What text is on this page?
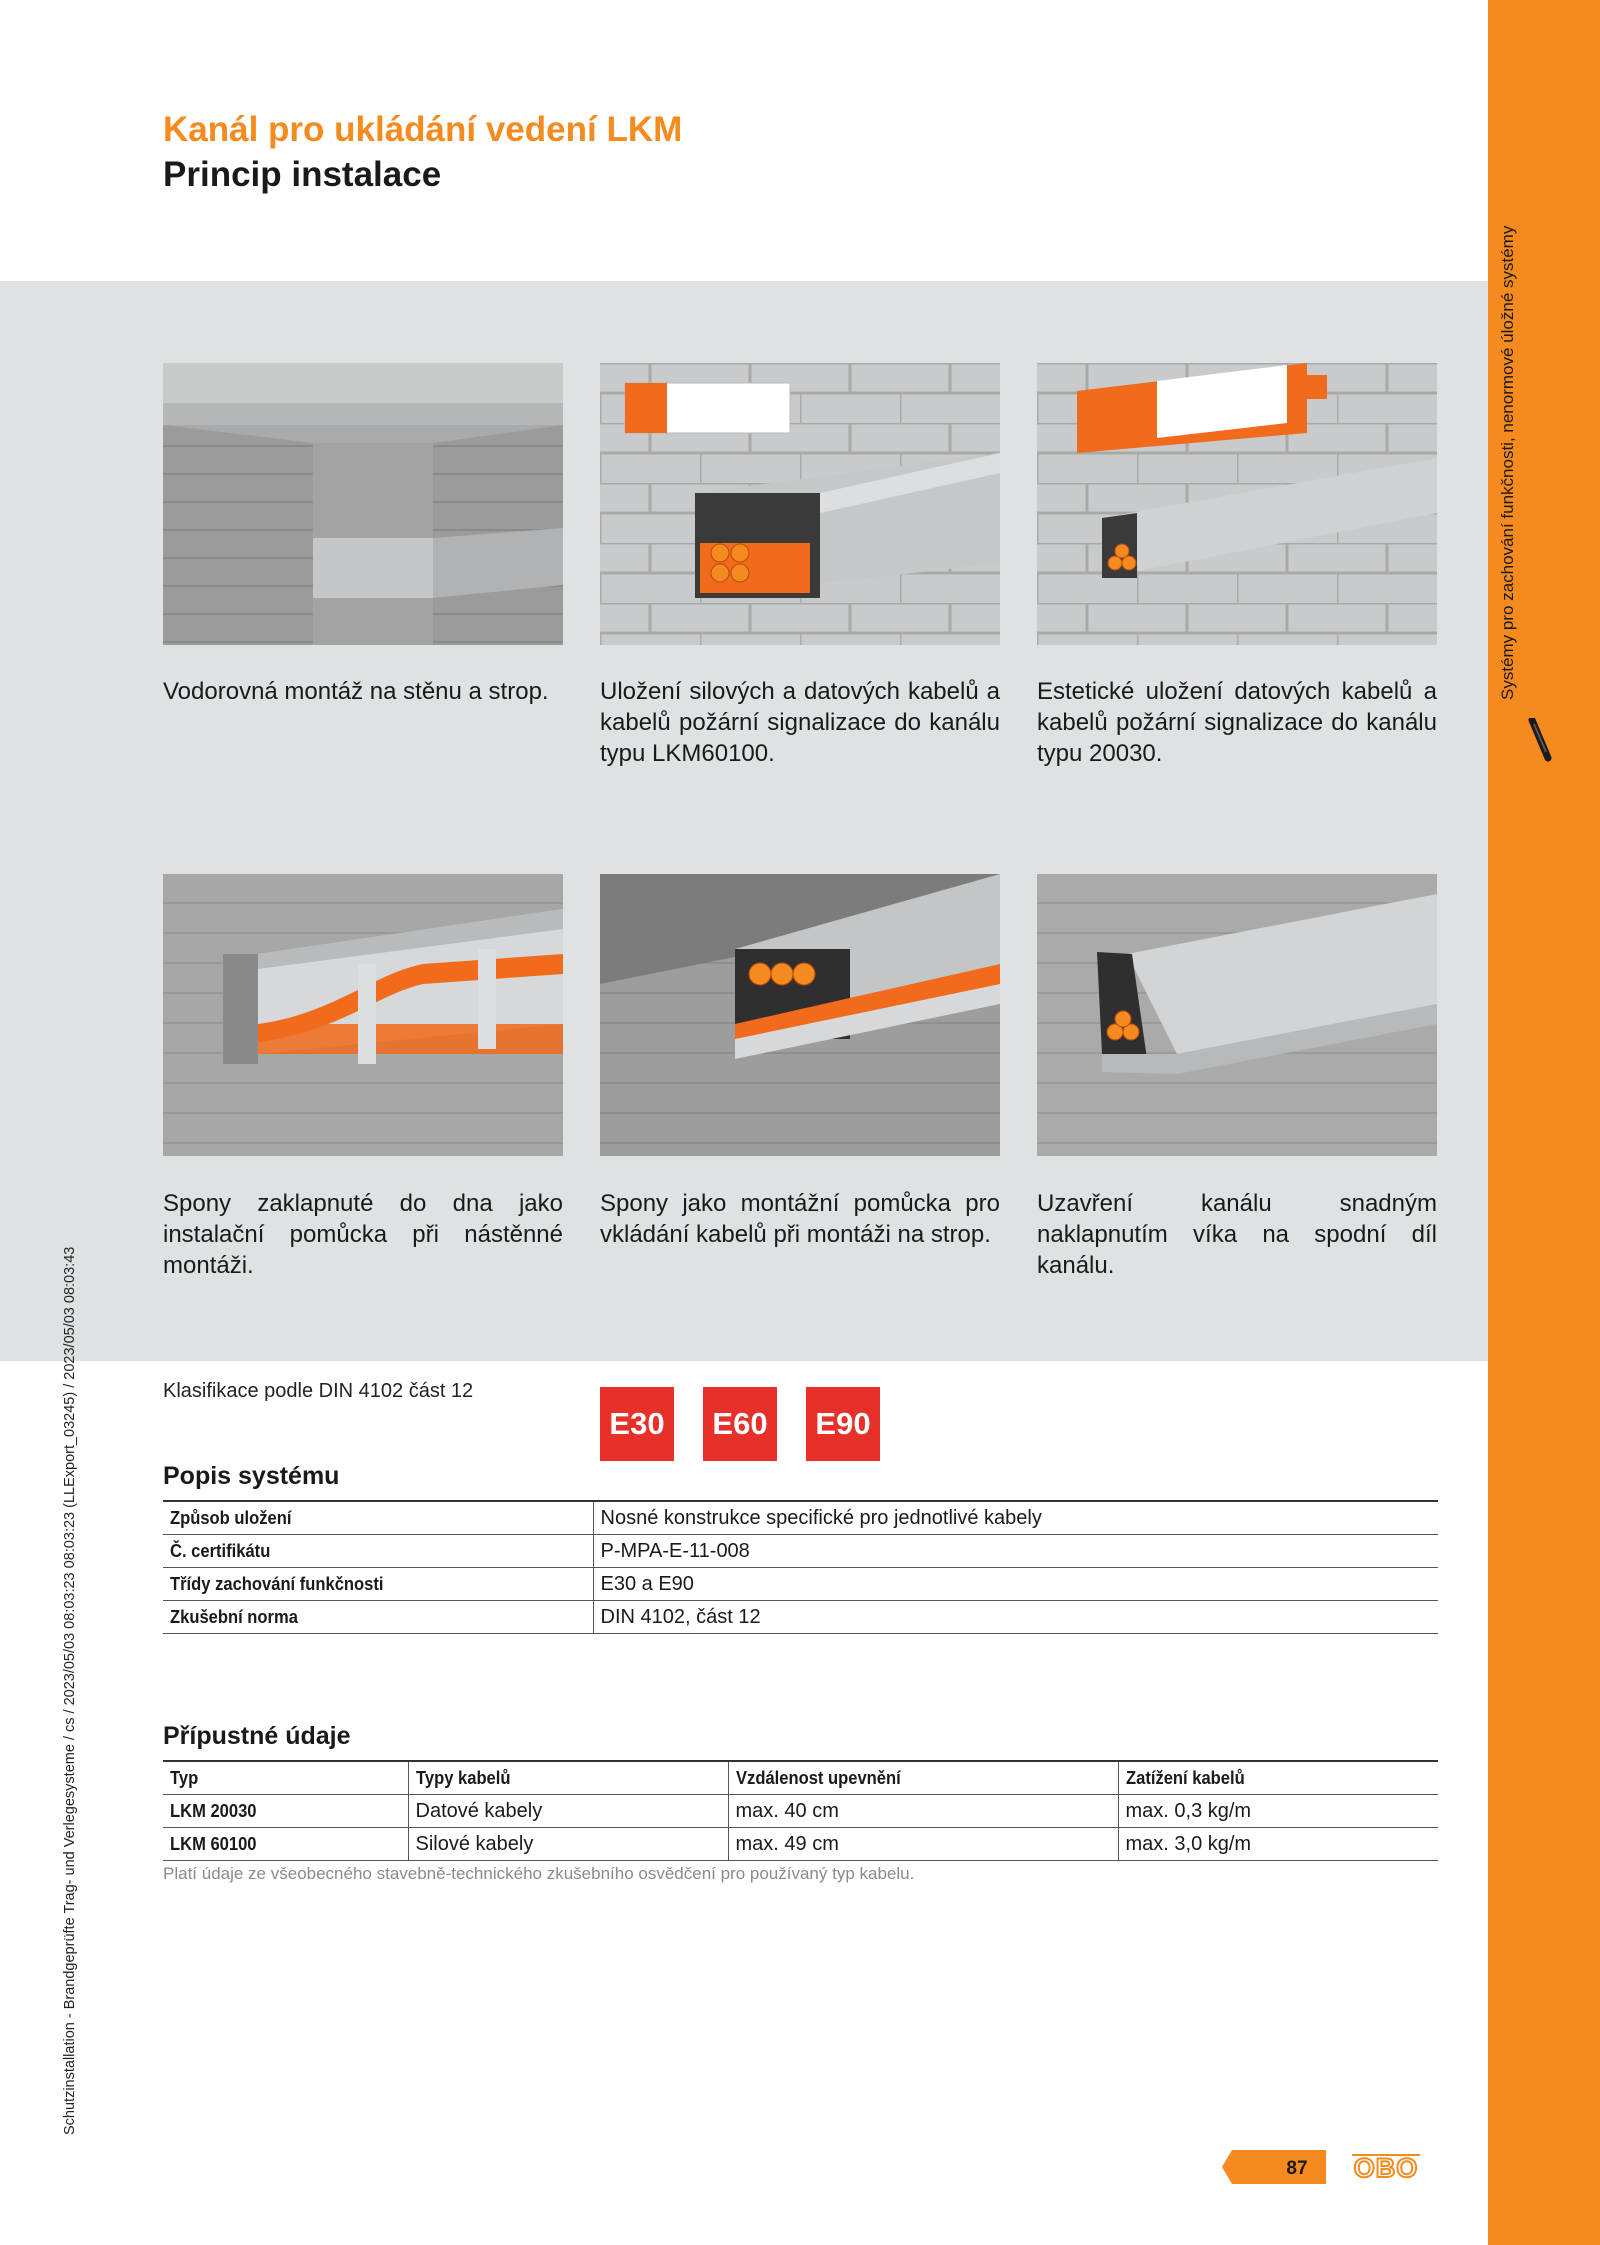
Systémy pro zachování funkčnosti, nenormové úložné systémy
Kanál pro ukládání vedení LKM
Princip instalace
Vodorovná montáž na stěnu a strop.	Uložení silových a datových kabelů a kabelů požární signalizace do kanálu typu LKM60100.
Estetické uložení datových kabelů a kabelů požární signalizace do kanálu typu 20030.
Spony zaklapnuté do dna jako instalační pomůcka při nástěnné montáži.
Spony jako montážní pomůcka pro vkládání kabelů při montáži na strop.
Uzavření kanálu snadným naklapnutím víka na spodní díl kanálu.
Schutzinstallation - Brandgeprüfte Trag- und Verlegesysteme / cs / 2023/05/03 08:03:23 08:03:23 (LLExport_03245) / 2023/05/03 08:03:43	Klasifikace podle DIN 4102 část 12
E30	E60	E90
Popis systému
Způsob uložení	Nosné konstrukce specifické pro jednotlivé kabely
Č. certifikátu	P-MPA-E-11-008
Třídy zachování funkčnosti	E30 a E90
Zkušební norma	DIN 4102, část 12
Přípustné údaje
Typ	Typy kabelů	Vzdálenost upevnění	Zatížení kabelů
LKM 20030	Datové kabely	max. 40 cm	max. 0,3 kg/m
LKM 60100	Silové kabely	max. 49 cm	max. 3,0 kg/m
Platí údaje ze všeobecného stavebně-technického zkušebního osvědčení pro používaný typ kabelu.
87 OBO
